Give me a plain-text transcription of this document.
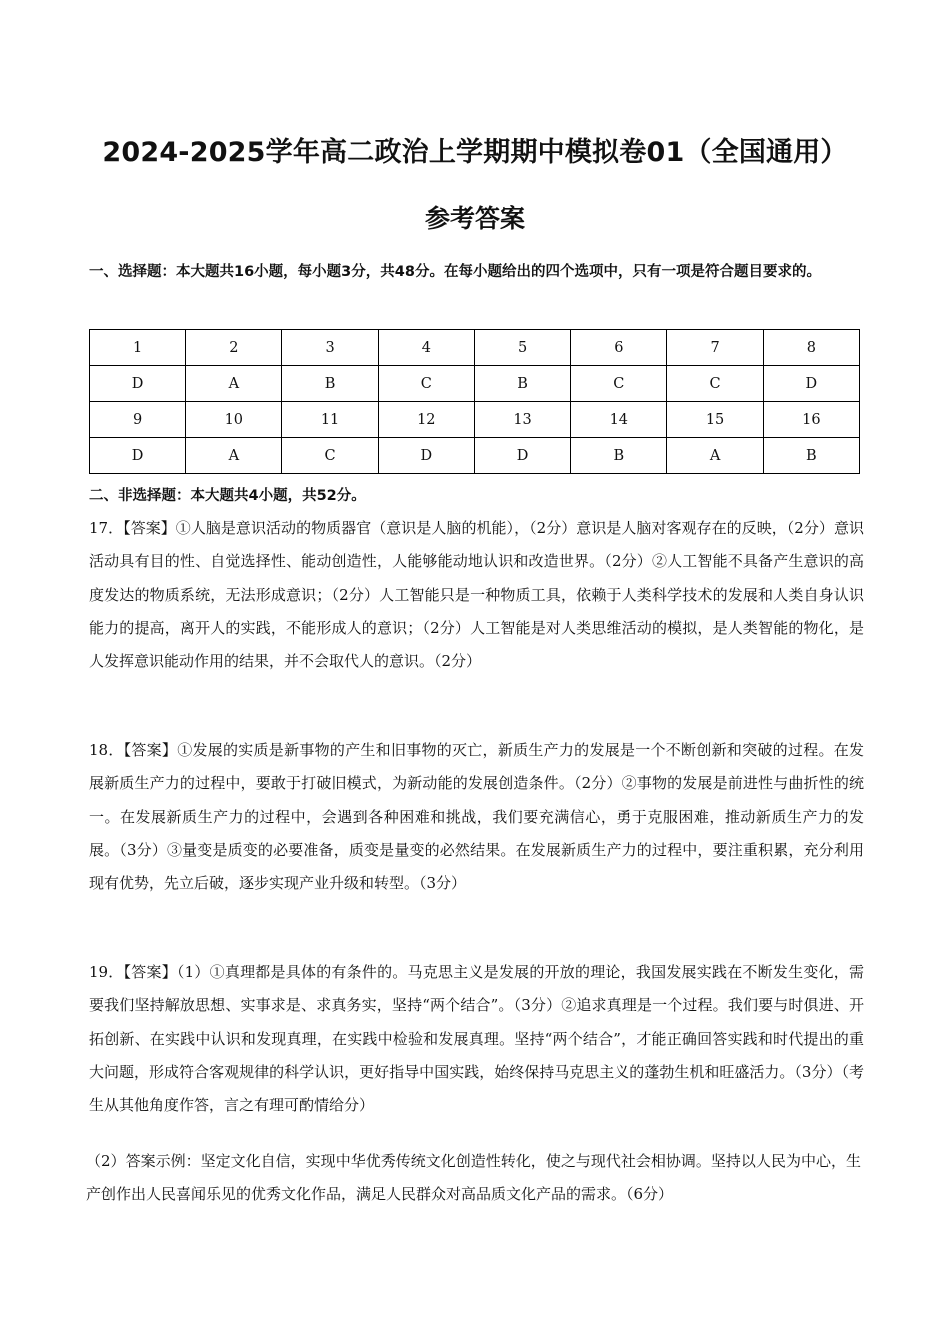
2024-2025学年高二政治上学期期中模拟卷01（全国通用）
参考答案
一、选择题：本大题共16小题，每小题3分，共48分。在每小题给出的四个选项中，只有一项是符合题目要求的。
1	2	3	4	5	6	7	8
D	A	B	C	B	C	C	D
9	10	11	12	13	14	15	16
D	A	C	D	D	B	A	B
二、非选择题：本大题共4小题，共52分。
17．【答案】①人脑是意识活动的物质器官（意识是人脑的机能），（2分）意识是人脑对客观存在的反映，（2分）意识活动具有目的性、自觉选择性、能动创造性，人能够能动地认识和改造世界。（2分）②人工智能不具备产生意识的高度发达的物质系统，无法形成意识；（2分）人工智能只是一种物质工具，依赖于人类科学技术的发展和人类自身认识能力的提高，离开人的实践，不能形成人的意识；（2分）人工智能是对人类思维活动的模拟，是人类智能的物化，是人发挥意识能动作用的结果，并不会取代人的意识。（2分）
18．【答案】①发展的实质是新事物的产生和旧事物的灭亡，新质生产力的发展是一个不断创新和突破的过程。在发展新质生产力的过程中，要敢于打破旧模式，为新动能的发展创造条件。（2分）②事物的发展是前进性与曲折性的统一。在发展新质生产力的过程中，会遇到各种困难和挑战，我们要充满信心，勇于克服困难，推动新质生产力的发展。（3分）③量变是质变的必要准备，质变是量变的必然结果。在发展新质生产力的过程中，要注重积累，充分利用现有优势，先立后破，逐步实现产业升级和转型。（3分）
19．【答案】（1）①真理都是具体的有条件的。马克思主义是发展的开放的理论，我国发展实践在不断发生变化，需要我们坚持解放思想、实事求是、求真务实，坚持“两个结合”。（3分）②追求真理是一个过程。我们要与时俱进、开拓创新、在实践中认识和发现真理，在实践中检验和发展真理。坚持“两个结合”，才能正确回答实践和时代提出的重大问题，形成符合客观规律的科学认识，更好指导中国实践，始终保持马克思主义的蓬勃生机和旺盛活力。（3分）（考生从其他角度作答，言之有理可酌情给分）
（2）答案示例：坚定文化自信，实现中华优秀传统文化创造性转化，使之与现代社会相协调。坚持以人民为中心，生产创作出人民喜闻乐见的优秀文化作品，满足人民群众对高品质文化产品的需求。（6分）
